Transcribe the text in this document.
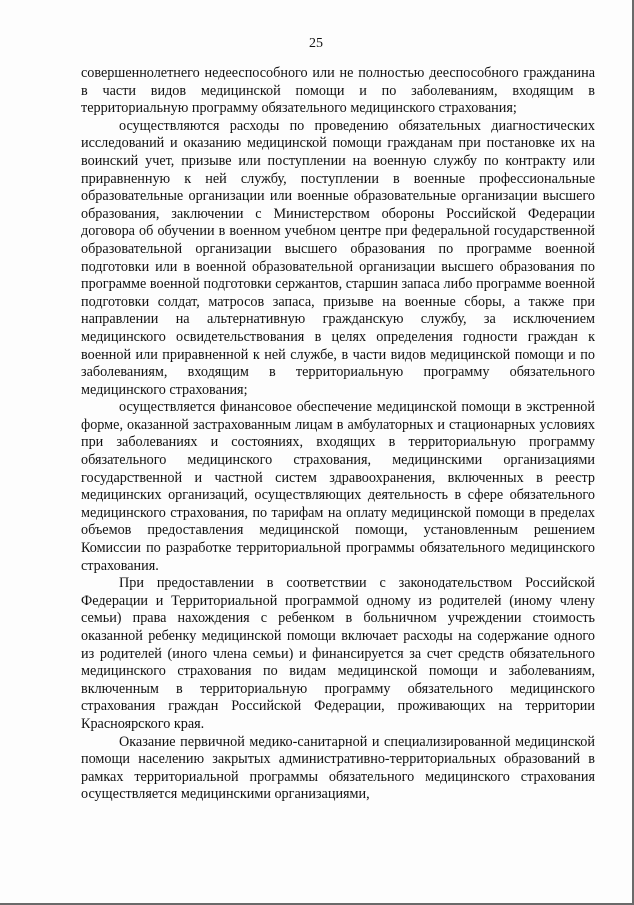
25

совершеннолетнего недееспособного или не полностью дееспособного гражданина в части видов медицинской помощи и по заболеваниям, входящим в территориальную программу обязательного медицинского страхования;

осуществляются расходы по проведению обязательных диагностических исследований и оказанию медицинской помощи гражданам при постановке их на воинский учет, призыве или поступлении на военную службу по контракту или приравненную к ней службу, поступлении в военные профессиональные образовательные организации или военные образовательные организации высшего образования, заключении с Министерством обороны Российской Федерации договора об обучении в военном учебном центре при федеральной государственной образовательной организации высшего образования по программе военной подготовки или в военной образовательной организации высшего образования по программе военной подготовки сержантов, старшин запаса либо программе военной подготовки солдат, матросов запаса, призыве на военные сборы, а также при направлении на альтернативную гражданскую службу, за исключением медицинского освидетельствования в целях определения годности граждан к военной или приравненной к ней службе, в части видов медицинской помощи и по заболеваниям, входящим в территориальную программу обязательного медицинского страхования;

осуществляется финансовое обеспечение медицинской помощи в экстренной форме, оказанной застрахованным лицам в амбулаторных и стационарных условиях при заболеваниях и состояниях, входящих в территориальную программу обязательного медицинского страхования, медицинскими организациями государственной и частной систем здравоохранения, включенных в реестр медицинских организаций, осуществляющих деятельность в сфере обязательного медицинского страхования, по тарифам на оплату медицинской помощи в пределах объемов предоставления медицинской помощи, установленным решением Комиссии по разработке территориальной программы обязательного медицинского страхования.

При предоставлении в соответствии с законодательством Российской Федерации и Территориальной программой одному из родителей (иному члену семьи) права нахождения с ребенком в больничном учреждении стоимость оказанной ребенку медицинской помощи включает расходы на содержание одного из родителей (иного члена семьи) и финансируется за счет средств обязательного медицинского страхования по видам медицинской помощи и заболеваниям, включенным в территориальную программу обязательного медицинского страхования граждан Российской Федерации, проживающих на территории Красноярского края.

Оказание первичной медико-санитарной и специализированной медицинской помощи населению закрытых административно-территориальных образований в рамках территориальной программы обязательного медицинского страхования осуществляется медицинскими организациями,
